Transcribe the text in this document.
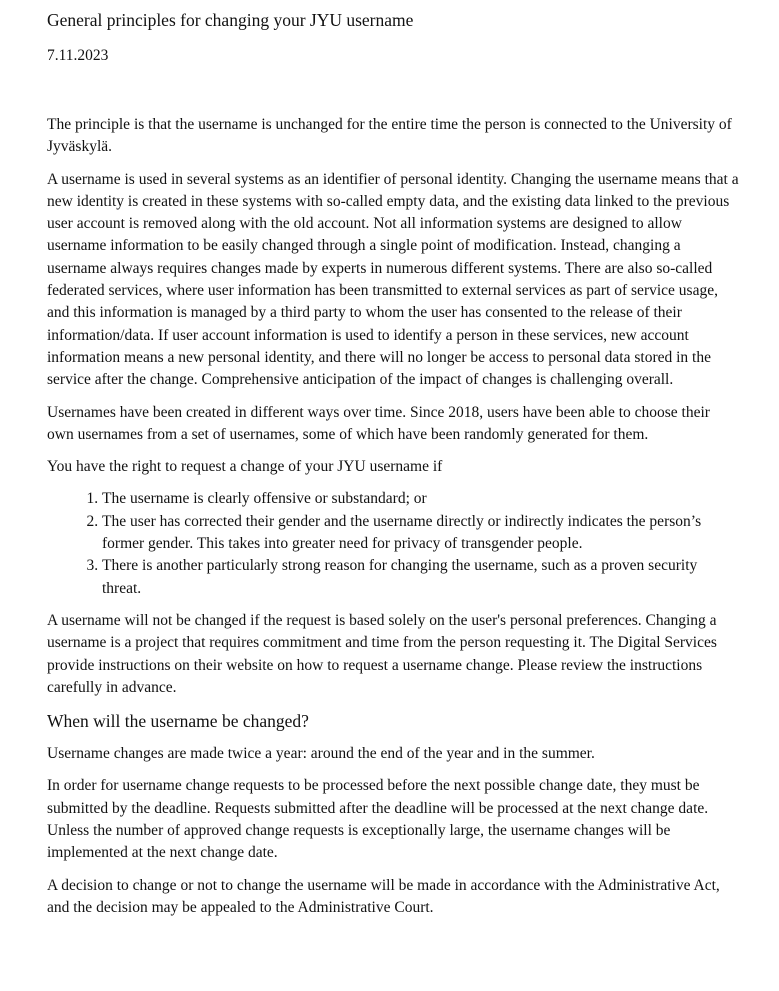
General principles for changing your JYU username
7.11.2023

The principle is that the username is unchanged for the entire time the person is connected to the University of Jyväskylä.

A username is used in several systems as an identifier of personal identity. Changing the username means that a new identity is created in these systems with so-called empty data, and the existing data linked to the previous user account is removed along with the old account. Not all information systems are designed to allow username information to be easily changed through a single point of modification. Instead, changing a username always requires changes made by experts in numerous different systems. There are also so-called federated services, where user information has been transmitted to external services as part of service usage, and this information is managed by a third party to whom the user has consented to the release of their information/data. If user account information is used to identify a person in these services, new account information means a new personal identity, and there will no longer be access to personal data stored in the service after the change. Comprehensive anticipation of the impact of changes is challenging overall.

Usernames have been created in different ways over time. Since 2018, users have been able to choose their own usernames from a set of usernames, some of which have been randomly generated for them.

You have the right to request a change of your JYU username if

1. The username is clearly offensive or substandard; or
2. The user has corrected their gender and the username directly or indirectly indicates the person’s former gender. This takes into greater need for privacy of transgender people.
3. There is another particularly strong reason for changing the username, such as a proven security threat.

A username will not be changed if the request is based solely on the user's personal preferences. Changing a username is a project that requires commitment and time from the person requesting it. The Digital Services provide instructions on their website on how to request a username change. Please review the instructions carefully in advance.

When will the username be changed?

Username changes are made twice a year: around the end of the year and in the summer.

In order for username change requests to be processed before the next possible change date, they must be submitted by the deadline. Requests submitted after the deadline will be processed at the next change date. Unless the number of approved change requests is exceptionally large, the username changes will be implemented at the next change date.

A decision to change or not to change the username will be made in accordance with the Administrative Act, and the decision may be appealed to the Administrative Court.
